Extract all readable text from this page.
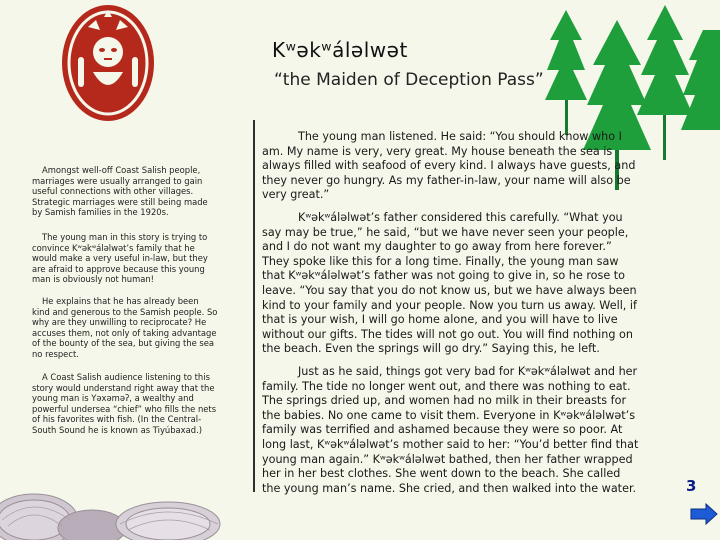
Kʷəkʷáləlwət
“the Maiden of Deception Pass”

Amongst well-off Coast Salish people, marriages were usually arranged to gain useful connections with other villages. Strategic marriages were still being made by Samish families in the 1920s.

The young man in this story is trying to convince Kʷəkʷáləlwət’s family that he would make a very useful in-law, but they are afraid to approve because this young man is obviously not human!

He explains that he has already been kind and generous to the Samish people. So why are they unwilling to reciprocate? He accuses them, not only of taking advantage of the bounty of the sea, but giving the sea no respect.

A Coast Salish audience listening to this story would understand right away that the young man is Yəxəməʔ, a wealthy and powerful undersea “chief” who fills the nets of his favorites with fish. (In the Central-South Sound he is known as Tiyúbaxad.)

The young man listened. He said: “You should know who I am. My name is very, very great. My house beneath the sea is always filled with seafood of every kind. I always have guests, and they never go hungry. As my father-in-law, your name will also be very great.”

Kʷəkʷáləlwət’s father considered this carefully. “What you say may be true,” he said, “but we have never seen your people, and I do not want my daughter to go away from here forever.” They spoke like this for a long time. Finally, the young man saw that Kʷəkʷáləlwət’s father was not going to give in, so he rose to leave. “You say that you do not know us, but we have always been kind to your family and your people. Now you turn us away. Well, if that is your wish, I will go home alone, and you will have to live without our gifts. The tides will not go out. You will find nothing on the beach. Even the springs will go dry.” Saying this, he left.

Just as he said, things got very bad for Kʷəkʷáləlwət and her family. The tide no longer went out, and there was nothing to eat. The springs dried up, and women had no milk in their breasts for the babies. No one came to visit them. Everyone in Kʷəkʷáləlwət’s family was terrified and ashamed because they were so poor. At long last, Kʷəkʷáləlwət’s mother said to her: “You’d better find that young man again.” Kʷəkʷáləlwət bathed, then her father wrapped her in her best clothes. She went down to the beach. She called the young man’s name. She cried, and then walked into the water.	3
